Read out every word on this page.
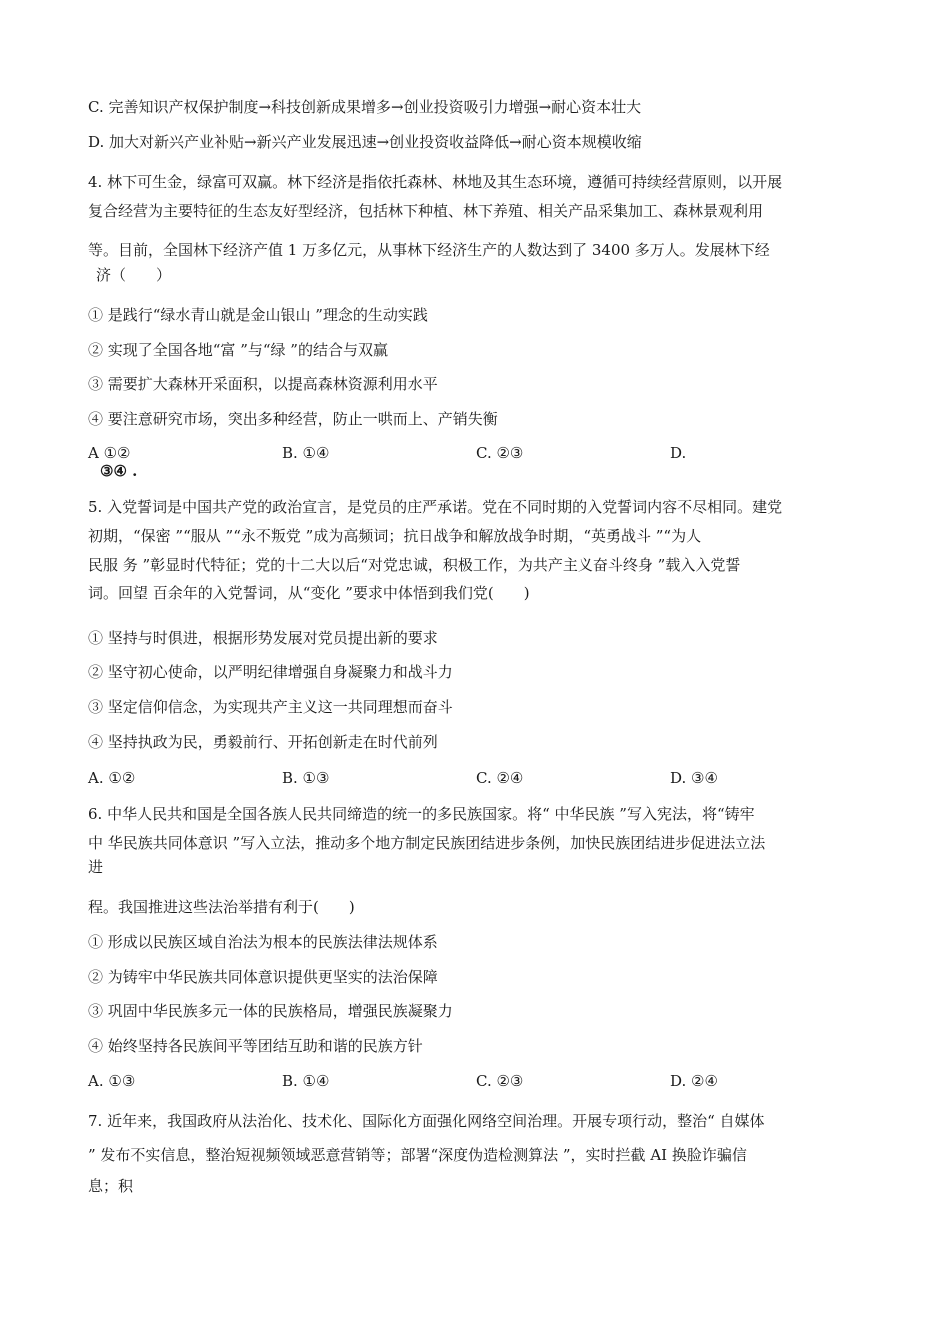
C. 完善知识产权保护制度→科技创新成果增多→创业投资吸引力增强→耐心资本壮大
D. 加大对新兴产业补贴→新兴产业发展迅速→创业投资收益降低→耐心资本规模收缩
4. 林下可生金，绿富可双赢。林下经济是指依托森林、林地及其生态环境，遵循可持续经营原则，以开展
复合经营为主要特征的生态友好型经济，包括林下种植、林下养殖、相关产品采集加工、森林景观利用
等。目前，全国林下经济产值 1 万多亿元，从事林下经济生产的人数达到了 3400 多万人。发展林下经
济（　　）
① 是践行“绿水青山就是金山银山 ”理念的生动实践
② 实现了全国各地“富 ”与“绿 ”的结合与双赢
③ 需要扩大森林开采面积，以提高森林资源利用水平
④ 要注意研究市场，突出多种经营，防止一哄而上、产销失衡
A ①②	B. ①④	C. ②③	D.
③④ .
5. 入党誓词是中国共产党的政治宣言，是党员的庄严承诺。党在不同时期的入党誓词内容不尽相同。建党
初期，“保密 ”“服从 ”“永不叛党 ”成为高频词；抗日战争和解放战争时期，“英勇战斗 ”“为人
民服 务 ”彰显时代特征；党的十二大以后“对党忠诚，积极工作，为共产主义奋斗终身 ”载入入党誓
词。回望 百余年的入党誓词，从“变化 ”要求中体悟到我们党(　　)
① 坚持与时俱进，根据形势发展对党员提出新的要求
② 坚守初心使命，以严明纪律增强自身凝聚力和战斗力
③ 坚定信仰信念，为实现共产主义这一共同理想而奋斗
④ 坚持执政为民，勇毅前行、开拓创新走在时代前列
A. ①②	B. ①③	C. ②④	D. ③④
6. 中华人民共和国是全国各族人民共同缔造的统一的多民族国家。将“ 中华民族 ”写入宪法，将“铸牢
中 华民族共同体意识 ”写入立法，推动多个地方制定民族团结进步条例，加快民族团结进步促进法立法
进
程。我国推进这些法治举措有利于(　　)
① 形成以民族区域自治法为根本的民族法律法规体系
② 为铸牢中华民族共同体意识提供更坚实的法治保障
③ 巩固中华民族多元一体的民族格局，增强民族凝聚力
④ 始终坚持各民族间平等团结互助和谐的民族方针
A. ①③	B. ①④	C. ②③	D. ②④
7. 近年来，我国政府从法治化、技术化、国际化方面强化网络空间治理。开展专项行动，整治“ 自媒体
” 发布不实信息，整治短视频领域恶意营销等；部署“深度伪造检测算法 ”，实时拦截 AI 换脸诈骗信
息；积
